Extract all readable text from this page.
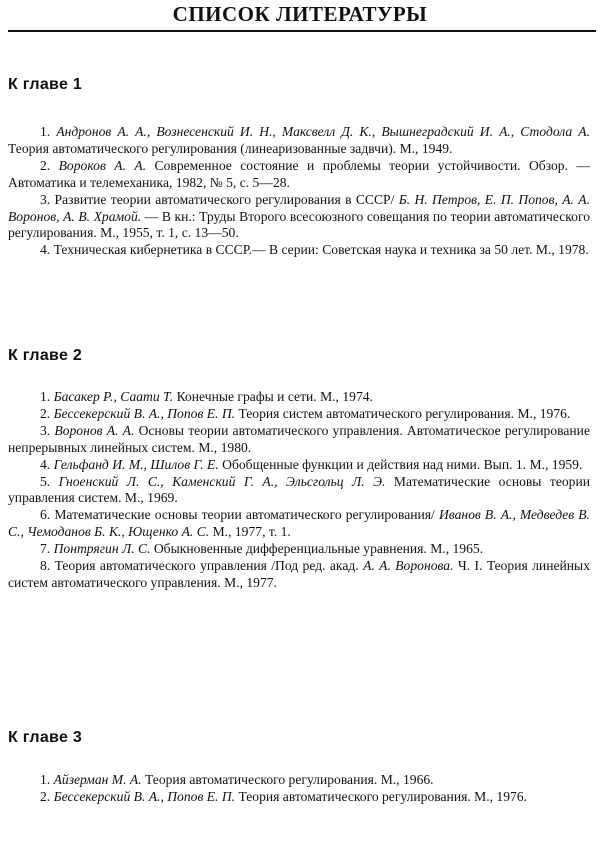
СПИСОК ЛИТЕРАТУРЫ
К главе 1
1. Андронов А. А., Вознесенский И. Н., Максвелл Д. К., Вышнеградский И. А., Стодола А. Теория автоматического регулирования (линеаризованные задвчи). М., 1949.
2. Вороков А. А. Современное состояние и проблемы теории устойчивости. Обзор. — Автоматика и телемеханика, 1982, № 5, с. 5—28.
3. Развитие теории автоматического регулирования в СССР/ Б. Н. Петров, Е. П. Попов, А. А. Воронов, А. В. Храмой. — В кн.: Труды Второго всесоюзного совещания по теории автоматического регулирования. М., 1955, т. 1, с. 13—50.
4. Техническая кибернетика в СССР.— В серии: Советская наука и техника за 50 лет. М., 1978.
К главе 2
1. Басакер Р., Саати Т. Конечные графы и сети. М., 1974.
2. Бессекерский В. А., Попов Е. П. Теория систем автоматического регулирования. М., 1976.
3. Воронов А. А. Основы теории автоматического управления. Автоматическое регулирование непрерывных линейных систем. М., 1980.
4. Гельфанд И. М., Шилов Г. Е. Обобщенные функции и действия над ними. Вып. 1. М., 1959.
5. Гноенский Л. С., Каменский Г. А., Эльсгольц Л. Э. Математические основы теории управления систем. М., 1969.
6. Математические основы теории автоматического регулирования/ Иванов В. А., Медведев В. С., Чемоданов Б. К., Ющенко А. С. М., 1977, т. 1.
7. Понтрягин Л. С. Обыкновенные дифференциальные уравнения. М., 1965.
8. Теория автоматического управления /Под ред. акад. А. А. Воронова. Ч. I. Теория линейных систем автоматического управления. М., 1977.
К главе 3
1. Айзерман М. А. Теория автоматического регулирования. М., 1966.
2. Бессекерский В. А., Попов Е. П. Теория автоматического регулирования. М., 1976.
